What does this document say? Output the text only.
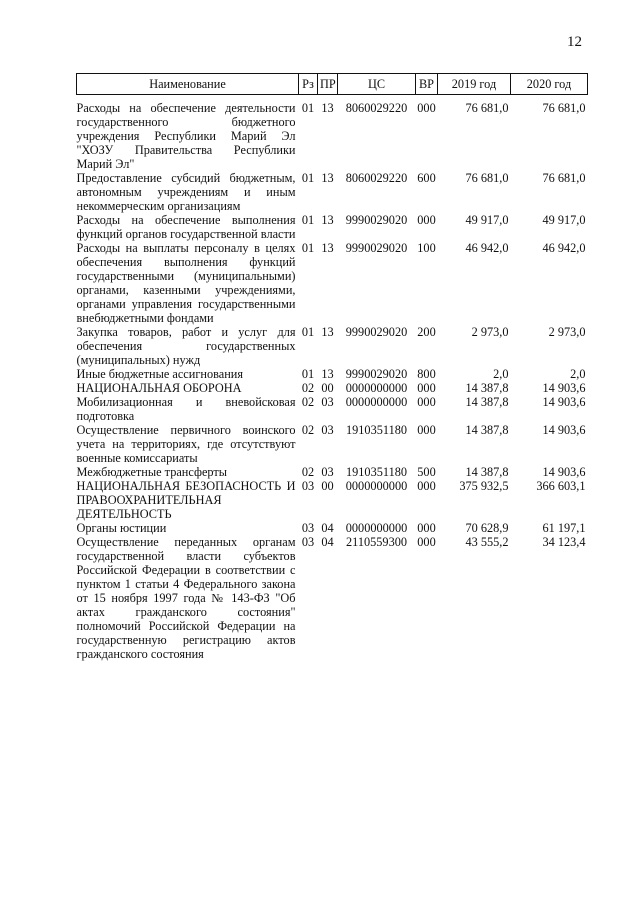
12
Наименование	Рз	ПР	ЦС	ВР	2019 год	2020 год
Расходы на обеспечение деятельности государственного бюджетного учреждения Республики Марий Эл "ХОЗУ Правительства Республики Марий Эл"	01	13	8060029220	000	76 681,0	76 681,0
Предоставление субсидий бюджетным, автономным учреждениям и иным некоммерческим организациям	01	13	8060029220	600	76 681,0	76 681,0
Расходы на обеспечение выполнения функций органов государственной власти	01	13	9990029020	000	49 917,0	49 917,0
Расходы на выплаты персоналу в целях обеспечения выполнения функций государственными (муниципальными) органами, казенными учреждениями, органами управления государственными внебюджетными фондами	01	13	9990029020	100	46 942,0	46 942,0
Закупка товаров, работ и услуг для обеспечения государственных (муниципальных) нужд	01	13	9990029020	200	2 973,0	2 973,0
Иные бюджетные ассигнования	01	13	9990029020	800	2,0	2,0
НАЦИОНАЛЬНАЯ ОБОРОНА	02	00	0000000000	000	14 387,8	14 903,6
Мобилизационная и вневойсковая подготовка	02	03	0000000000	000	14 387,8	14 903,6
Осуществление первичного воинского учета на территориях, где отсутствуют военные комиссариаты	02	03	1910351180	000	14 387,8	14 903,6
Межбюджетные трансферты	02	03	1910351180	500	14 387,8	14 903,6
НАЦИОНАЛЬНАЯ БЕЗОПАСНОСТЬ И ПРАВООХРАНИТЕЛЬНАЯ ДЕЯТЕЛЬНОСТЬ	03	00	0000000000	000	375 932,5	366 603,1
Органы юстиции	03	04	0000000000	000	70 628,9	61 197,1
Осуществление переданных органам государственной власти субъектов Российской Федерации в соответствии с пунктом 1 статьи 4 Федерального закона от 15 ноября 1997 года № 143-ФЗ "Об актах гражданского состояния" полномочий Российской Федерации на государственную регистрацию актов гражданского состояния	03	04	2110559300	000	43 555,2	34 123,4
